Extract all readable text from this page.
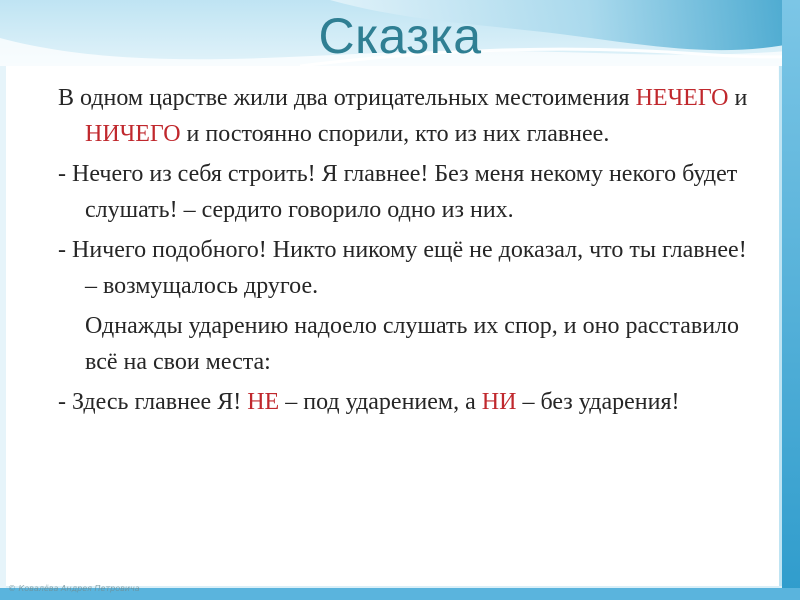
Сказка

В одном царстве жили два отрицательных местоимения НЕЧЕГО и НИЧЕГО и постоянно спорили, кто из них главнее.

- Нечего из себя строить! Я главнее! Без меня некому некого будет слушать! – сердито говорило одно из них.

- Ничего подобного! Никто никому ещё не доказал, что ты главнее! – возмущалось другое.

Однажды ударению надоело слушать их спор, и оно расставило всё на свои места:

- Здесь главнее Я! НЕ – под ударением, а НИ – без ударения!

© Ковалёва Андрея Петровича
